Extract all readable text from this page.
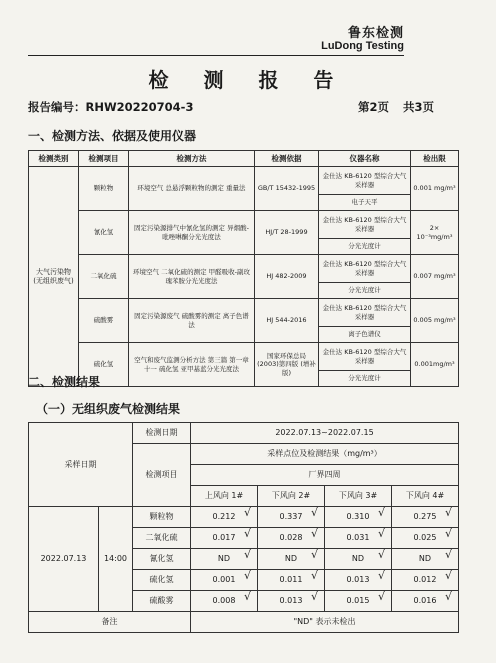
鲁东检测
LuDong Testing
检 测 报 告
报告编号：RHW20220704-3	第2页 共3页
一、检测方法、依据及使用仪器
检测类别	检测项目	检测方法	检测依据	仪器名称	检出限
大气污染物
(无组织废气)	颗粒物	环境空气 总悬浮颗粒物的测定 重量法	GB/T 15432-1995	金仕达 KB-6120 型综合大气采样器	0.001 mg/m³
				电子天平	
	氰化氢	固定污染源排气中氰化氢的测定 异烟酸-吡唑啉酮分光光度法	HJ/T 28-1999	金仕达 KB-6120 型综合大气采样器	2× 10⁻³mg/m³
				分光光度计	
	二氧化硫	环境空气 二氧化硫的测定 甲醛吸收-副玫瑰苯胺分光光度法	HJ 482-2009	金仕达 KB-6120 型综合大气采样器	0.007 mg/m³
				分光光度计	
	硫酸雾	固定污染源废气 硫酸雾的测定 离子色谱法	HJ 544-2016	金仕达 KB-6120 型综合大气采样器	0.005 mg/m³
				离子色谱仪	
	硫化氢	空气和废气监测分析方法 第三篇 第一章 十一 硫化氢 亚甲基蓝分光光度法	国家环保总局 (2003)第四版 (增补版)	金仕达 KB-6120 型综合大气采样器	0.001mg/m³
				分光光度计	
二、检测结果
（一）无组织废气检测结果
采样日期		检测日期	2022.07.13~2022.07.15			
		检测项目	采样点位及检测结果（mg/m³）			
			厂界四周			
			上风向 1#	下风向 2#	下风向 3#	下风向 4#
2022.07.13	14:00	颗粒物	0.212 √	0.337 √	0.310 √	0.275 √

		二氧化硫	0.017 √	0.028 √	0.031 √	0.025 √

		氰化氢	ND √	ND √	ND √	ND √

		硫化氢	0.001 √	0.011 √	0.013 √	0.012 √

		硫酸雾	0.008 √	0.013 √	0.015 √	0.016 √

备注			"ND" 表示未检出			
